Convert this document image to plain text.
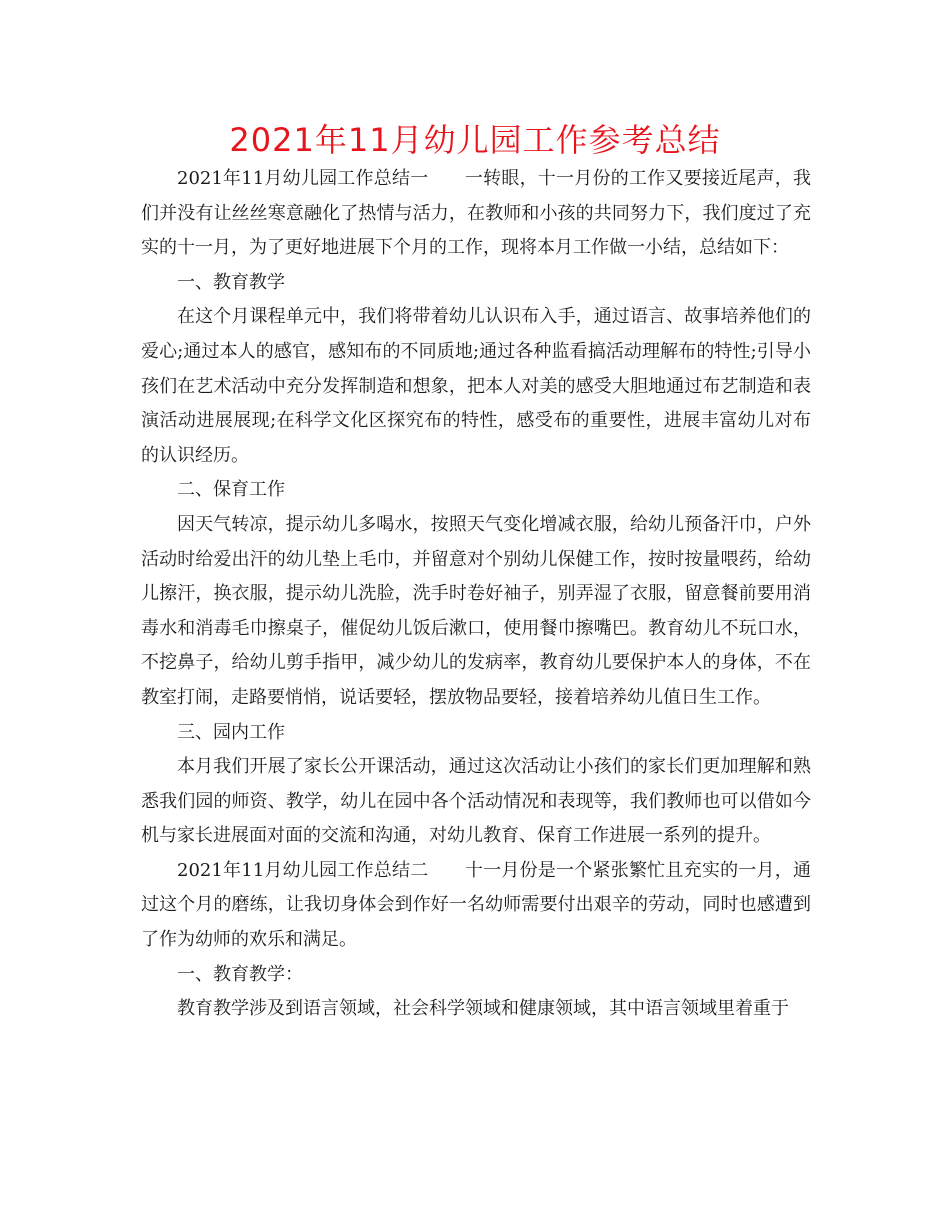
2021年11月幼儿园工作参考总结

2021年11月幼儿园工作总结一　　一转眼，十一月份的工作又要接近尾声，我们并没有让丝丝寒意融化了热情与活力，在教师和小孩的共同努力下，我们度过了充实的十一月，为了更好地进展下个月的工作，现将本月工作做一小结，总结如下：

一、教育教学

在这个月课程单元中，我们将带着幼儿认识布入手，通过语言、故事培养他们的爱心;通过本人的感官，感知布的不同质地;通过各种监看搞活动理解布的特性;引导小孩们在艺术活动中充分发挥制造和想象，把本人对美的感受大胆地通过布艺制造和表演活动进展展现;在科学文化区探究布的特性，感受布的重要性，进展丰富幼儿对布的认识经历。

二、保育工作

因天气转凉，提示幼儿多喝水，按照天气变化增减衣服，给幼儿预备汗巾，户外活动时给爱出汗的幼儿垫上毛巾，并留意对个别幼儿保健工作，按时按量喂药，给幼儿擦汗，换衣服，提示幼儿洗脸，洗手时卷好袖子，别弄湿了衣服，留意餐前要用消毒水和消毒毛巾擦桌子，催促幼儿饭后漱口，使用餐巾擦嘴巴。教育幼儿不玩口水，不挖鼻子，给幼儿剪手指甲，减少幼儿的发病率，教育幼儿要保护本人的身体，不在教室打闹，走路要悄悄，说话要轻，摆放物品要轻，接着培养幼儿值日生工作。

三、园内工作

本月我们开展了家长公开课活动，通过这次活动让小孩们的家长们更加理解和熟悉我们园的师资、教学，幼儿在园中各个活动情况和表现等，我们教师也可以借如今机与家长进展面对面的交流和沟通，对幼儿教育、保育工作进展一系列的提升。

2021年11月幼儿园工作总结二　　十一月份是一个紧张繁忙且充实的一月，通过这个月的磨练，让我切身体会到作好一名幼师需要付出艰辛的劳动，同时也感遭到了作为幼师的欢乐和满足。

一、教育教学：

教育教学涉及到语言领域，社会科学领域和健康领域，其中语言领域里着重于
